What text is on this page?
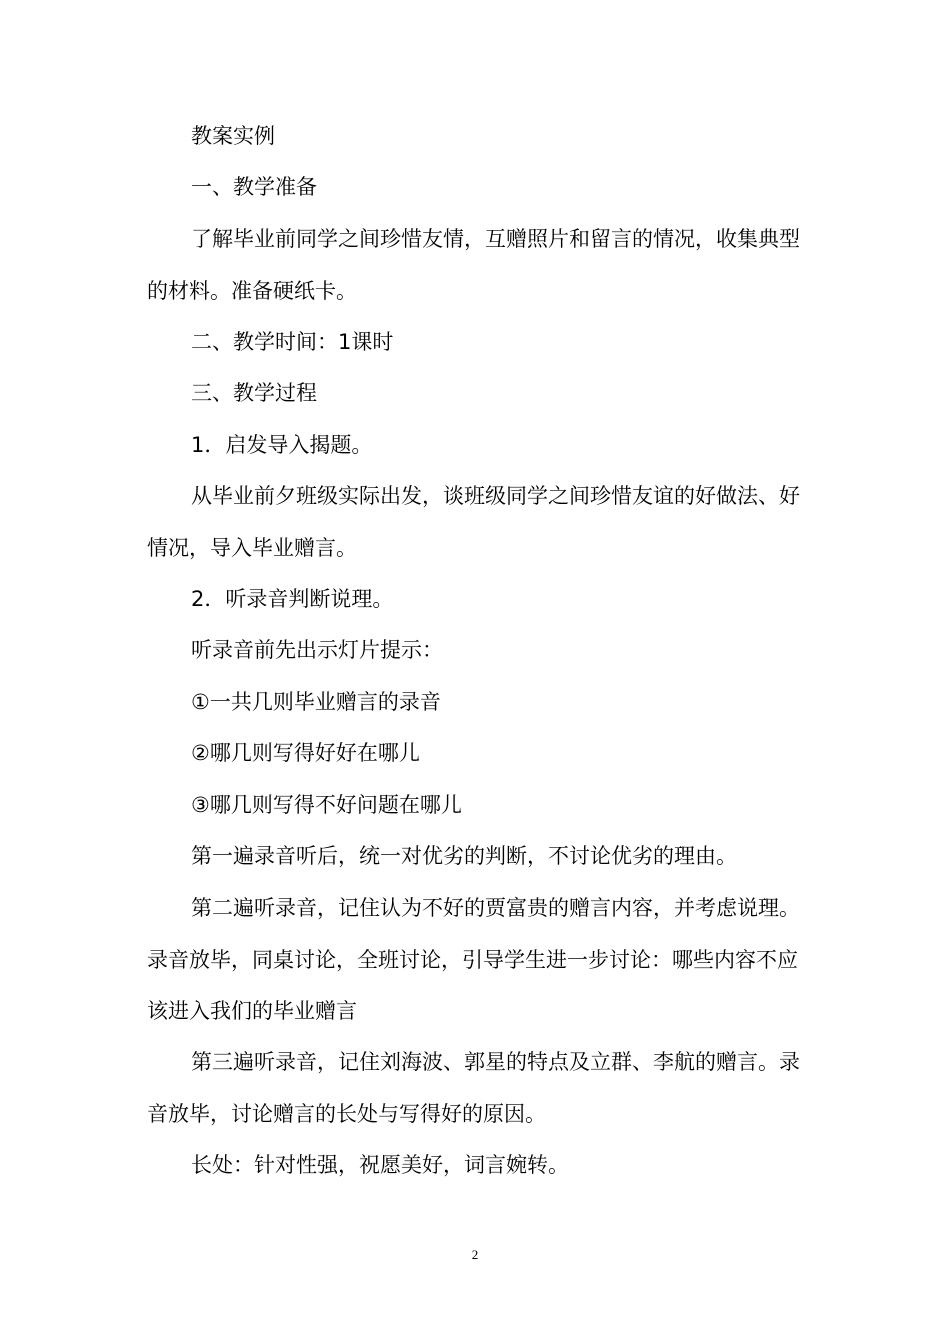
教案实例

一、教学准备

了解毕业前同学之间珍惜友情，互赠照片和留言的情况，收集典型的材料。准备硬纸卡。

二、教学时间：1课时

三、教学过程

1．启发导入揭题。

从毕业前夕班级实际出发，谈班级同学之间珍惜友谊的好做法、好情况，导入毕业赠言。

2．听录音判断说理。

听录音前先出示灯片提示：

①一共几则毕业赠言的录音

②哪几则写得好好在哪儿

③哪几则写得不好问题在哪儿

第一遍录音听后，统一对优劣的判断，不讨论优劣的理由。

第二遍听录音，记住认为不好的贾富贵的赠言内容，并考虑说理。录音放毕，同桌讨论，全班讨论，引导学生进一步讨论：哪些内容不应该进入我们的毕业赠言

第三遍听录音，记住刘海波、郭星的特点及立群、李航的赠言。录音放毕，讨论赠言的长处与写得好的原因。

长处：针对性强，祝愿美好，词言婉转。

2
